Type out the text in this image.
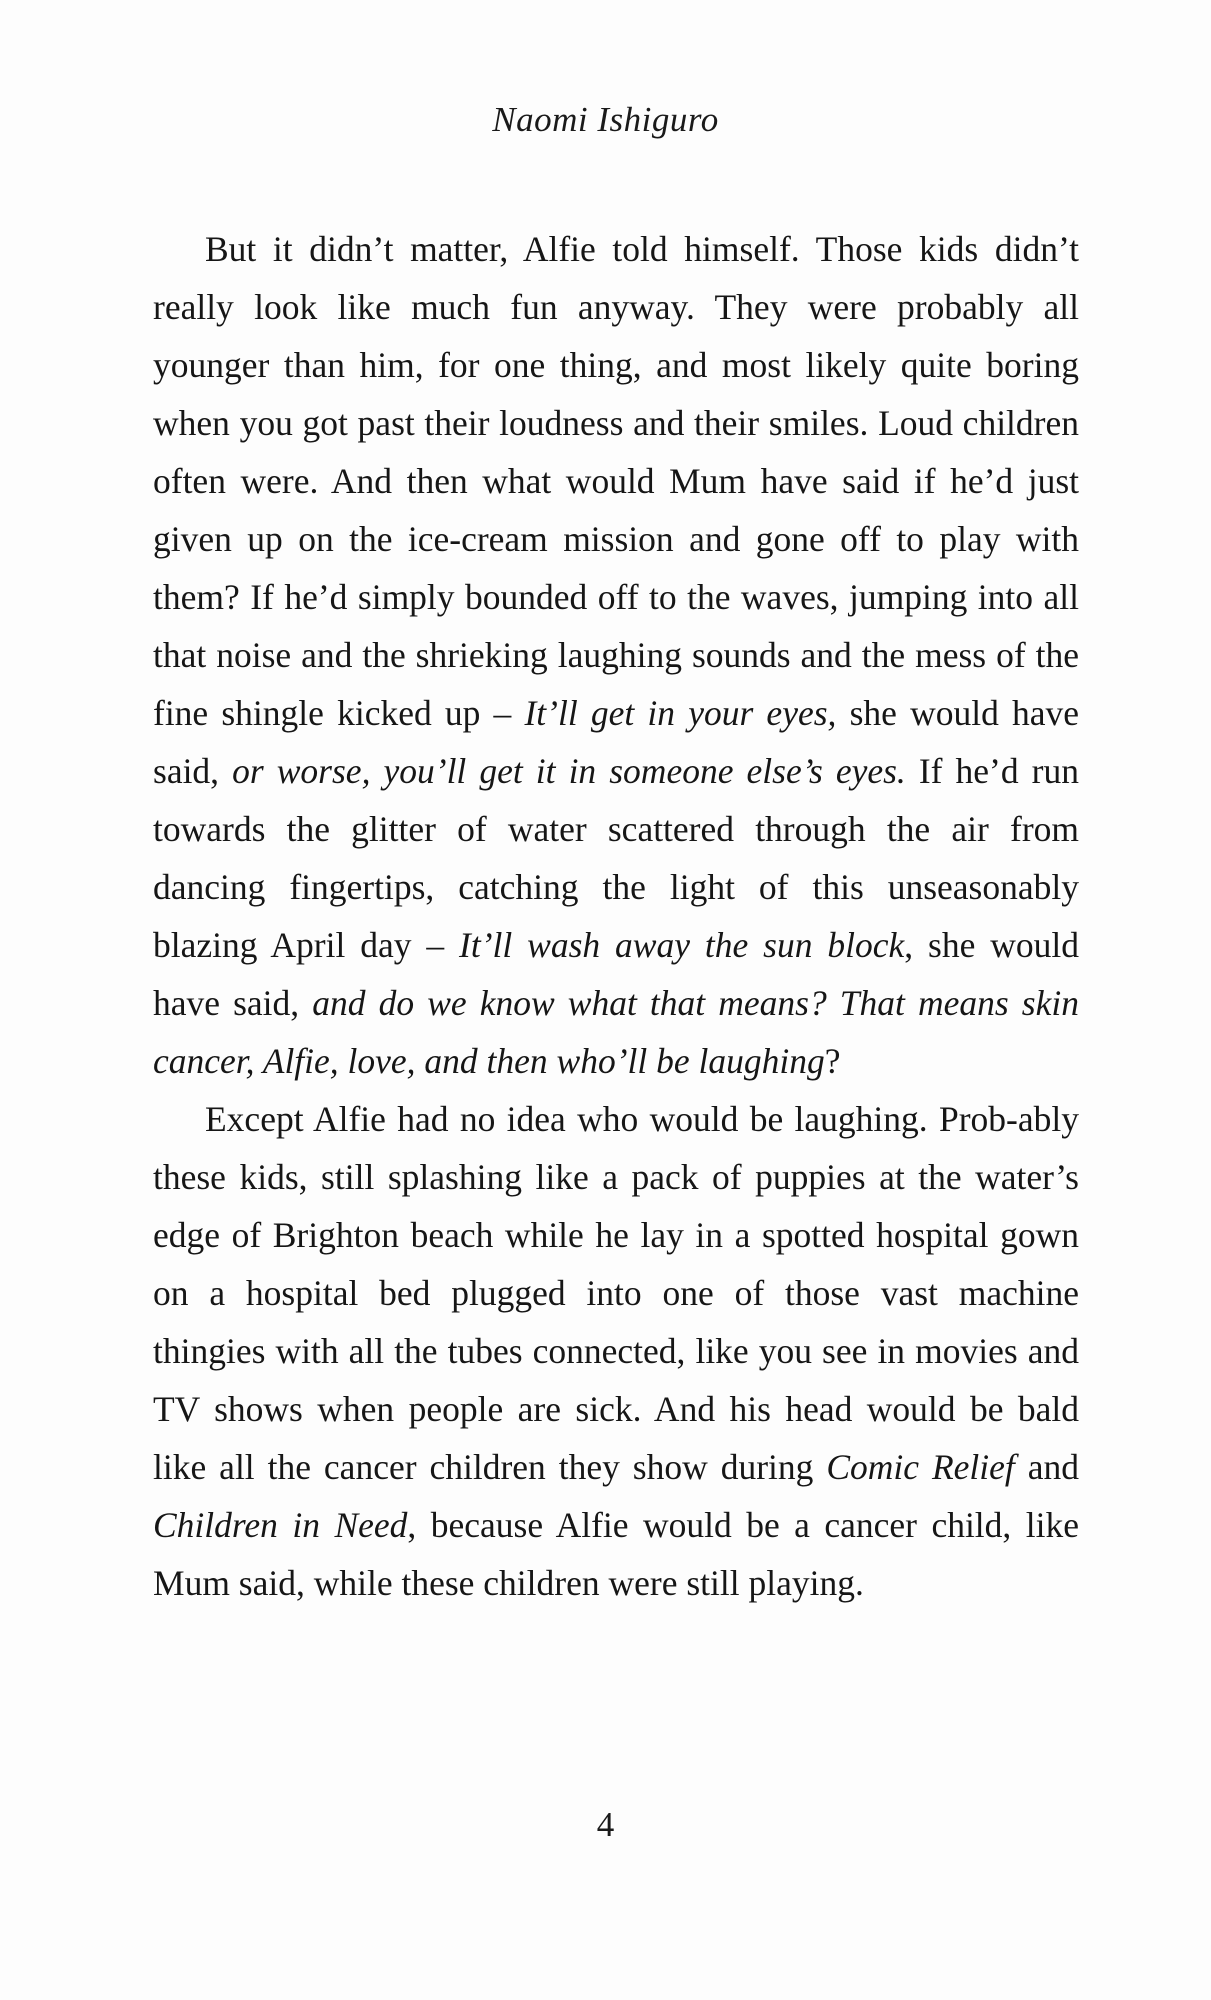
Naomi Ishiguro

But it didn’t matter, Alfie told himself. Those kids didn’t really look like much fun anyway. They were probably all younger than him, for one thing, and most likely quite boring when you got past their loudness and their smiles. Loud children often were. And then what would Mum have said if he’d just given up on the ice-cream mission and gone off to play with them? If he’d simply bounded off to the waves, jumping into all that noise and the shrieking laughing sounds and the mess of the fine shingle kicked up – It’ll get in your eyes, she would have said, or worse, you’ll get it in someone else’s eyes. If he’d run towards the glitter of water scattered through the air from dancing fingertips, catching the light of this unseasonably blazing April day – It’ll wash away the sun block, she would have said, and do we know what that means? That means skin cancer, Alfie, love, and then who’ll be laughing?

Except Alfie had no idea who would be laughing. Prob-ably these kids, still splashing like a pack of puppies at the water’s edge of Brighton beach while he lay in a spotted hospital gown on a hospital bed plugged into one of those vast machine thingies with all the tubes connected, like you see in movies and TV shows when people are sick. And his head would be bald like all the cancer children they show during Comic Relief and Children in Need, because Alfie would be a cancer child, like Mum said, while these children were still playing.

4
